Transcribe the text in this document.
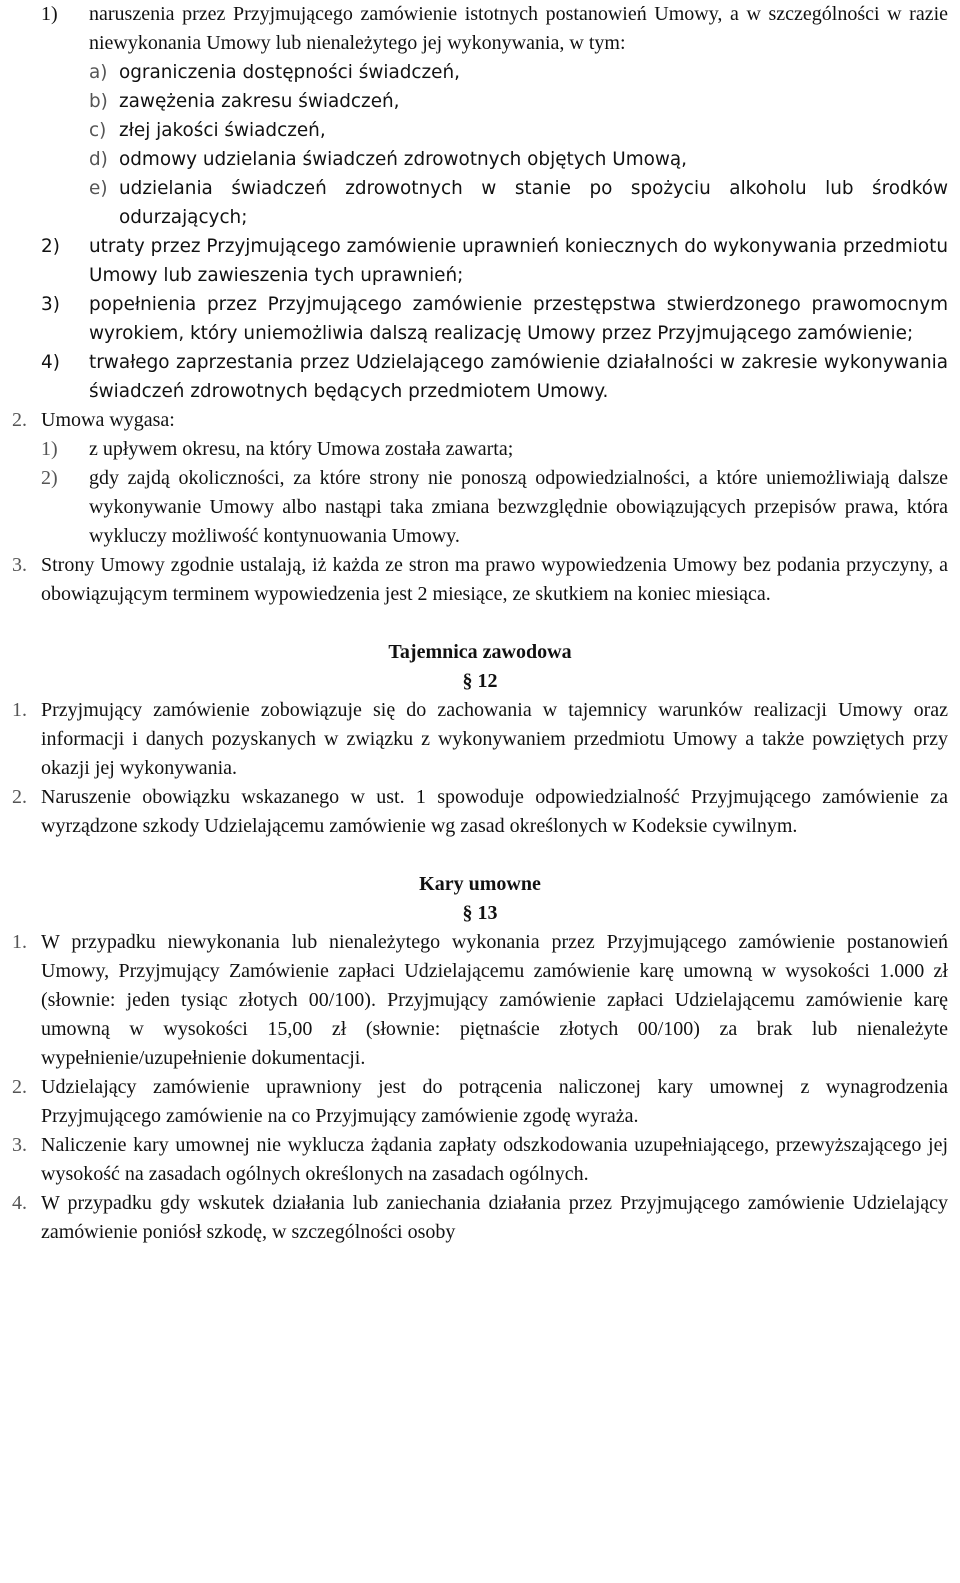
1)	naruszenia przez Przyjmującego zamówienie istotnych postanowień Umowy, a w szczególności w razie niewykonania Umowy lub nienależytego jej wykonywania, w tym:
a) ograniczenia dostępności świadczeń,
b) zawężenia zakresu świadczeń,
c) złej jakości świadczeń,
d) odmowy udzielania świadczeń zdrowotnych objętych Umową,
e) udzielania świadczeń zdrowotnych w stanie po spożyciu alkoholu lub środków odurzających;
2)	utraty przez Przyjmującego zamówienie uprawnień koniecznych do wykonywania przedmiotu Umowy lub zawieszenia tych uprawnień;
3)	popełnienia przez Przyjmującego zamówienie przestępstwa stwierdzonego prawomocnym wyrokiem, który uniemożliwia dalszą realizację Umowy przez Przyjmującego zamówienie;
4)	trwałego zaprzestania przez Udzielającego zamówienie działalności w zakresie wykonywania świadczeń zdrowotnych będących przedmiotem Umowy.
2. Umowa wygasa:
1)	z upływem okresu, na który Umowa została zawarta;
2)	gdy zajdą okoliczności, za które strony nie ponoszą odpowiedzialności, a które uniemożliwiają dalsze wykonywanie Umowy albo nastąpi taka zmiana bezwzględnie obowiązujących przepisów prawa, która wykluczy możliwość kontynuowania Umowy.
3. Strony Umowy zgodnie ustalają, iż każda ze stron ma prawo wypowiedzenia Umowy bez podania przyczyny, a obowiązującym terminem wypowiedzenia jest 2 miesiące, ze skutkiem na koniec miesiąca.
Tajemnica zawodowa
§ 12
1. Przyjmujący zamówienie zobowiązuje się do zachowania w tajemnicy warunków realizacji Umowy oraz informacji i danych pozyskanych w związku z wykonywaniem przedmiotu Umowy a także powziętych przy okazji jej wykonywania.
2. Naruszenie obowiązku wskazanego w ust. 1 spowoduje odpowiedzialność Przyjmującego zamówienie za wyrządzone szkody Udzielającemu zamówienie wg zasad określonych w Kodeksie cywilnym.
Kary umowne
§ 13
1. W przypadku niewykonania lub nienależytego wykonania przez Przyjmującego zamówienie postanowień Umowy, Przyjmujący Zamówienie zapłaci Udzielającemu zamówienie karę umowną w wysokości 1.000 zł (słownie: jeden tysiąc złotych 00/100). Przyjmujący zamówienie zapłaci Udzielającemu zamówienie karę umowną w wysokości 15,00 zł (słownie: piętnaście złotych 00/100) za brak lub nienależyte wypełnienie/uzupełnienie dokumentacji.
2. Udzielający zamówienie uprawniony jest do potrącenia naliczonej kary umownej z wynagrodzenia Przyjmującego zamówienie na co Przyjmujący zamówienie zgodę wyraża.
3. Naliczenie kary umownej nie wyklucza żądania zapłaty odszkodowania uzupełniającego, przewyższającego jej wysokość na zasadach ogólnych określonych na zasadach ogólnych.
4. W przypadku gdy wskutek działania lub zaniechania działania przez Przyjmującego zamówienie Udzielający zamówienie poniósł szkodę, w szczególności osoby
